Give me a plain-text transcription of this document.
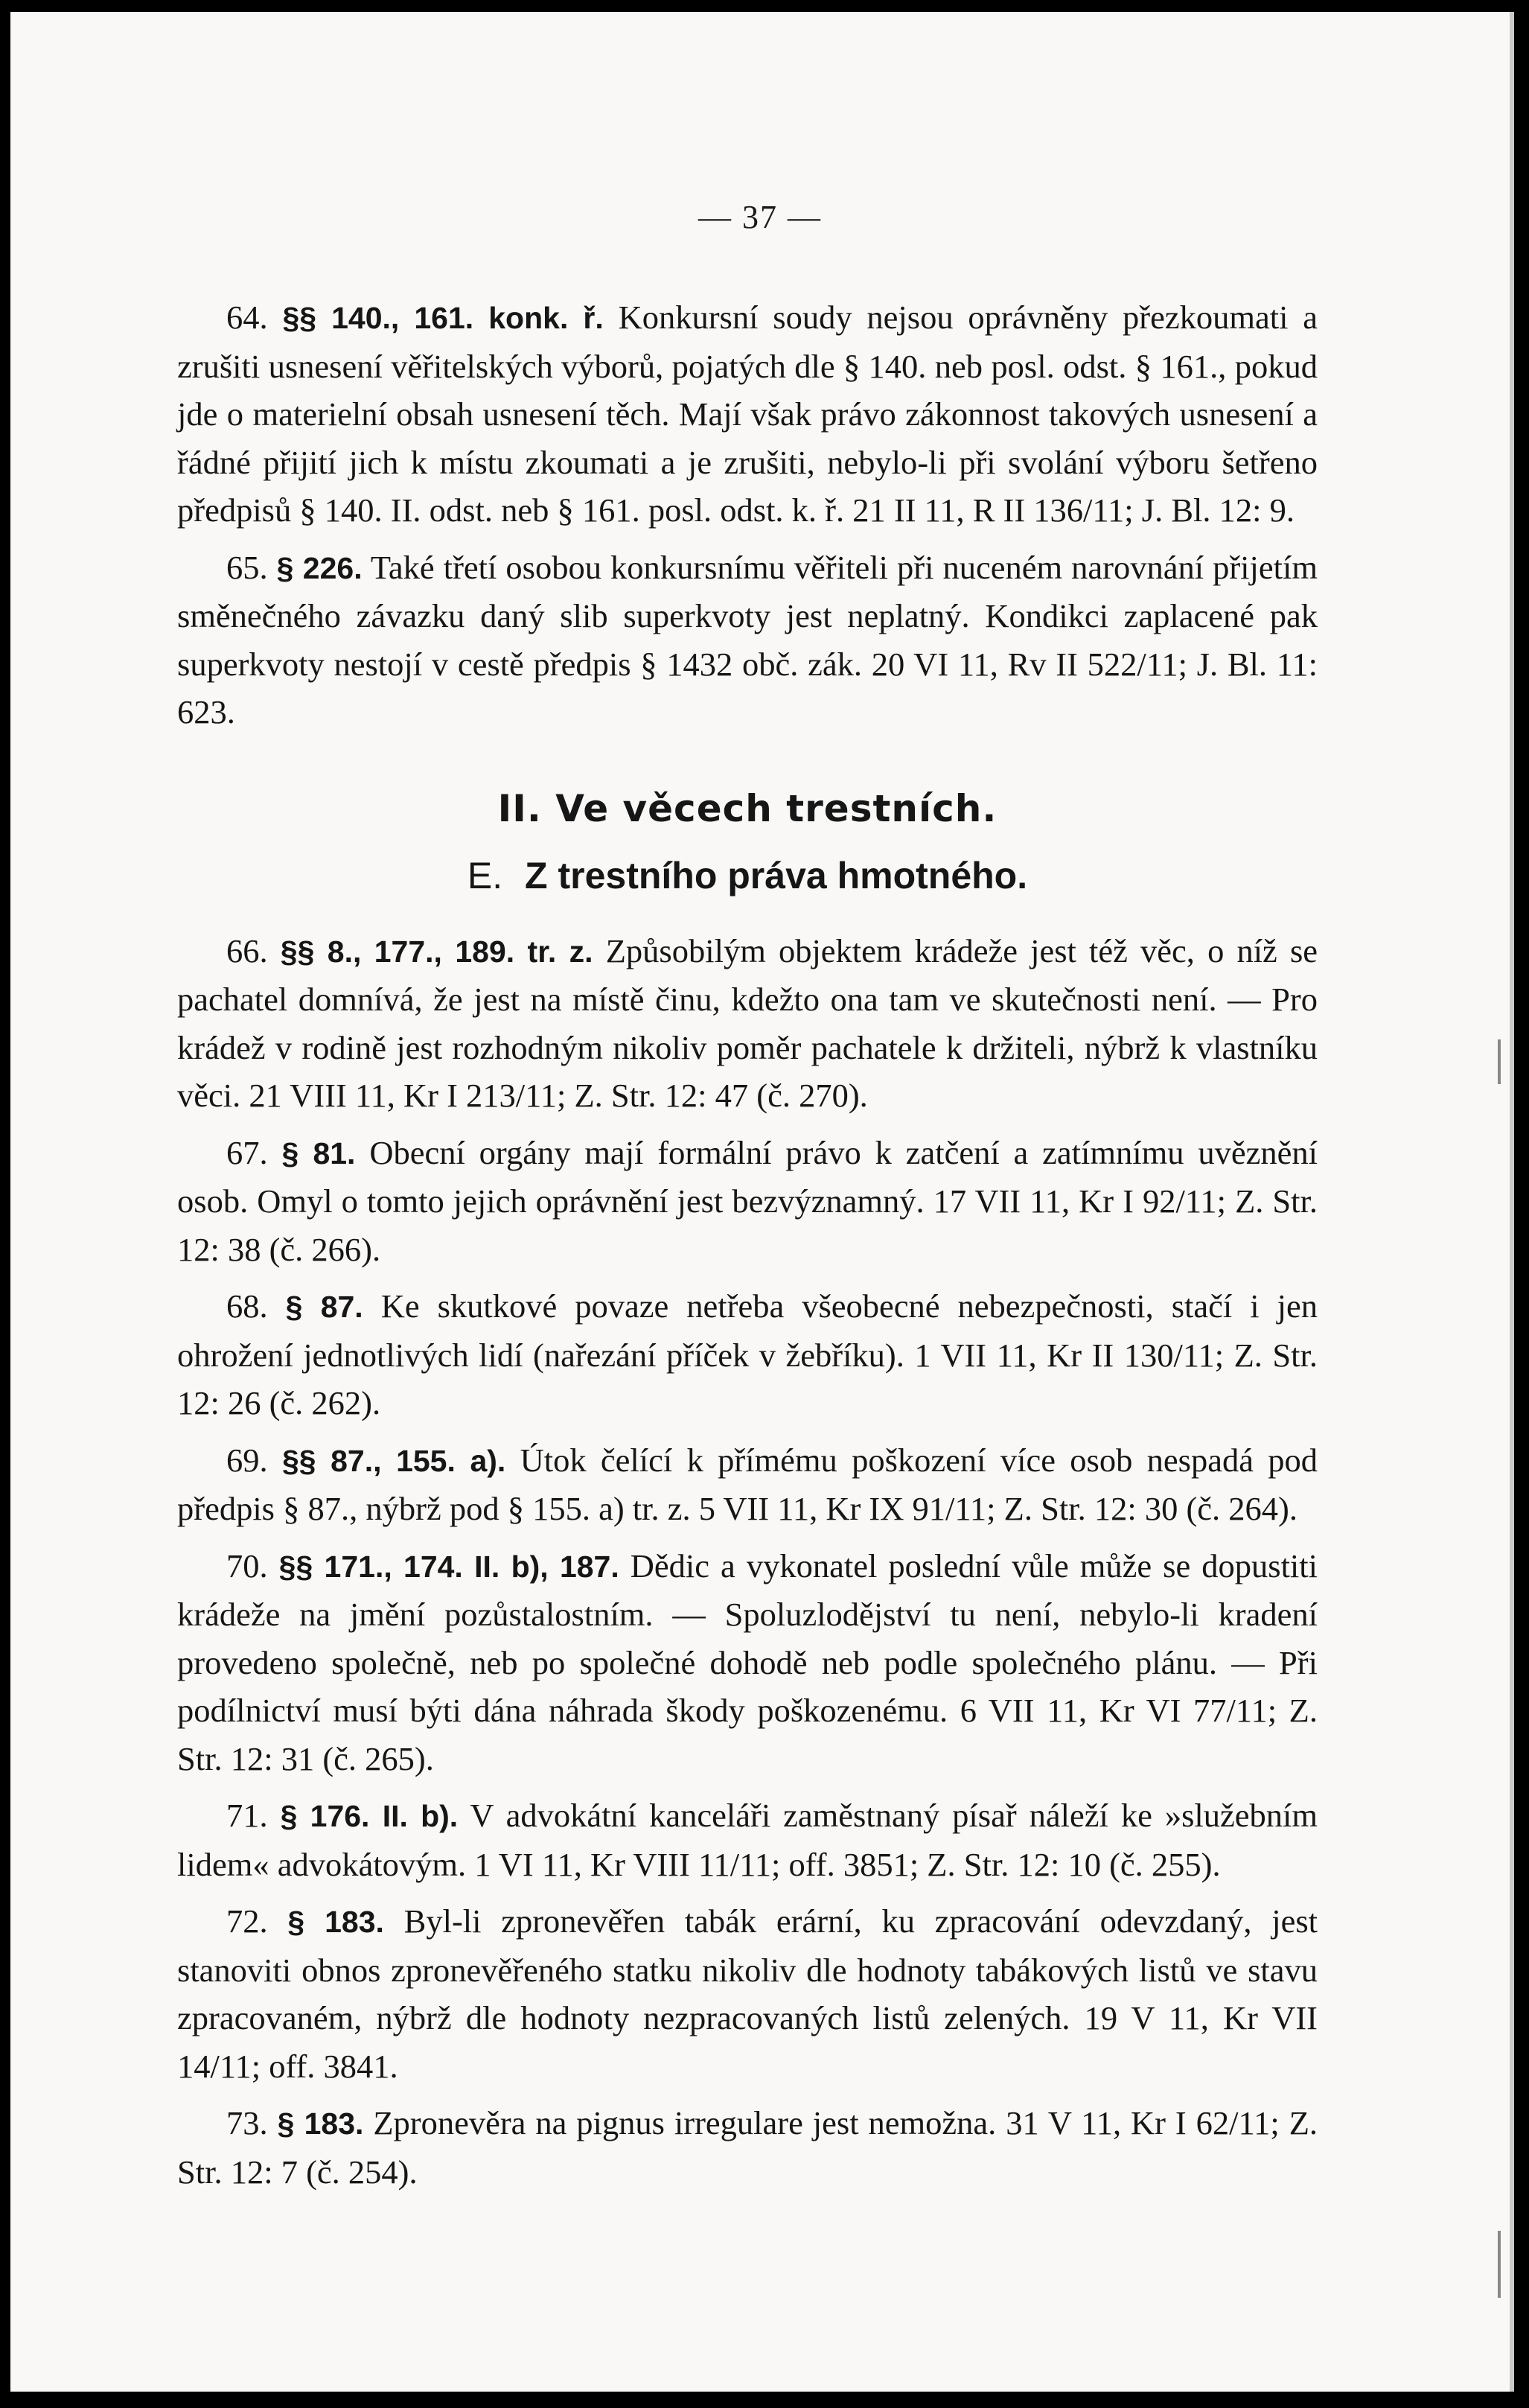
— 37 —

64. §§ 140., 161. konk. ř. Konkursní soudy nejsou oprávněny přezkoumati a zrušiti usnesení věřitelských výborů, pojatých dle § 140. neb posl. odst. § 161., pokud jde o materielní obsah usnesení těch. Mají však právo zákonnost takových usnesení a řádné přijití jich k místu zkoumati a je zrušiti, nebylo-li při svolání výboru šetřeno předpisů § 140. II. odst. neb § 161. posl. odst. k. ř. 21 II 11, R II 136/11; J. Bl. 12: 9.

65. § 226. Také třetí osobou konkursnímu věřiteli při nuceném narovnání přijetím směnečného závazku daný slib superkvoty jest neplatný. Kondikci zaplacené pak superkvoty nestojí v cestě předpis § 1432 obč. zák. 20 VI 11, Rv II 522/11; J. Bl. 11: 623.

II. Ve věcech trestních.
E. Z trestního práva hmotného.

66. §§ 8., 177., 189. tr. z. Způsobilým objektem krádeže jest též věc, o níž se pachatel domnívá, že jest na místě činu, kdežto ona tam ve skutečnosti není. — Pro krádež v rodině jest rozhodným nikoliv poměr pachatele k držiteli, nýbrž k vlastníku věci. 21 VIII 11, Kr I 213/11; Z. Str. 12: 47 (č. 270).

67. § 81. Obecní orgány mají formální právo k zatčení a zatímnímu uvěznění osob. Omyl o tomto jejich oprávnění jest bezvýznamný. 17 VII 11, Kr I 92/11; Z. Str. 12: 38 (č. 266).

68. § 87. Ke skutkové povaze netřeba všeobecné nebezpečnosti, stačí i jen ohrožení jednotlivých lidí (nařezání příček v žebříku). 1 VII 11, Kr II 130/11; Z. Str. 12: 26 (č. 262).

69. §§ 87., 155. a). Útok čelící k přímému poškození více osob nespadá pod předpis § 87., nýbrž pod § 155. a) tr. z. 5 VII 11, Kr IX 91/11; Z. Str. 12: 30 (č. 264).

70. §§ 171., 174. II. b), 187. Dědic a vykonatel poslední vůle může se dopustiti krádeže na jmění pozůstalostním. — Spoluzlodějství tu není, nebylo-li kradení provedeno společně, neb po společné dohodě neb podle společného plánu. — Při podílnictví musí býti dána náhrada škody poškozenému. 6 VII 11, Kr VI 77/11; Z. Str. 12: 31 (č. 265).

71. § 176. II. b). V advokátní kanceláři zaměstnaný písař náleží ke »služebním lidem« advokátovým. 1 VI 11, Kr VIII 11/11; off. 3851; Z. Str. 12: 10 (č. 255).

72. § 183. Byl-li zpronevěřen tabák erární, ku zpracování odevzdaný, jest stanoviti obnos zpronevěřeného statku nikoliv dle hodnoty tabákových listů ve stavu zpracovaném, nýbrž dle hodnoty nezpracovaných listů zelených. 19 V 11, Kr VII 14/11; off. 3841.

73. § 183. Zpronevěra na pignus irregulare jest nemožna. 31 V 11, Kr I 62/11; Z. Str. 12: 7 (č. 254).
